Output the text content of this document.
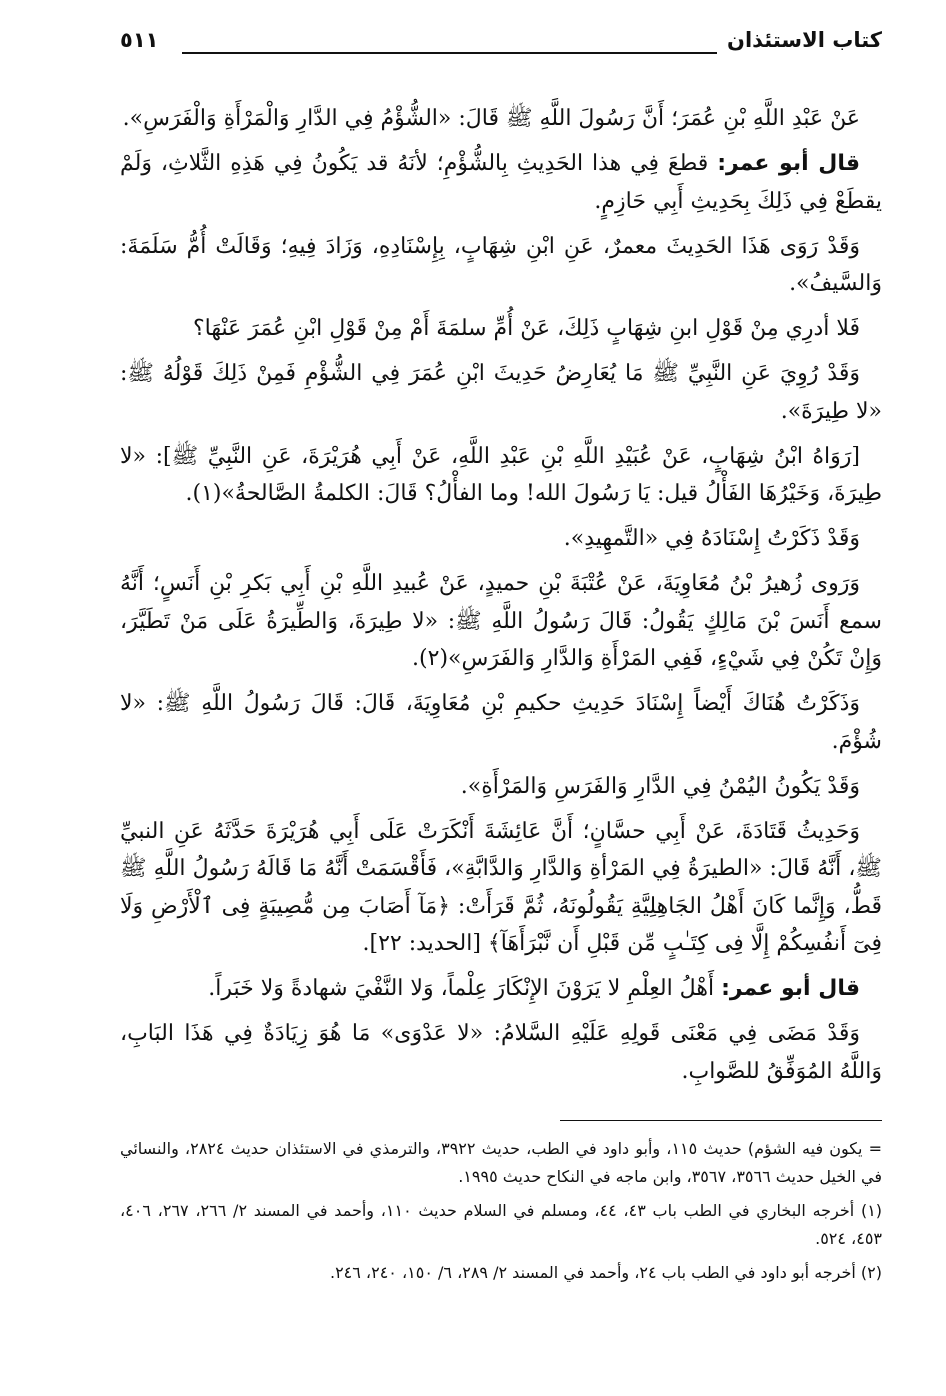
كتاب الاستئذان
٥١١

عَنْ عَبْدِ اللَّهِ بْنِ عُمَرَ؛ أَنَّ رَسُولَ اللَّهِ ﷺ قَالَ: «الشُّؤْمُ فِي الدَّارِ وَالْمَرْأَةِ وَالْفَرَسِ».

قال أبو عمر: قطعَ فِي هذا الحَدِيثِ بِالشُّؤْمِ؛ لأنَهُ قد يَكُونُ فِي هَذِهِ الثَّلاثِ، وَلَمْ يقطَعْ فِي ذَلِكَ بِحَدِيثِ أَبِي حَازِمٍ.

وَقَدْ رَوَى هَذَا الحَدِيثَ معمرٌ، عَنِ ابْنِ شِهَابٍ، بِإِسْنَادِهِ، وَزَادَ فِيهِ؛ وَقَالَتْ أُمُّ سَلَمَةَ: وَالسَّيفُ».

فَلا أدرِي مِنْ قَوْلِ ابنِ شِهَابٍ ذَلِكَ، عَنْ أُمِّ سلمَةَ أَمْ مِنْ قَوْلِ ابْنِ عُمَرَ عَنْهَا؟

وَقَدْ رُوِيَ عَنِ النَّبِيِّ ﷺ مَا يُعَارِضُ حَدِيثَ ابْنِ عُمَرَ فِي الشُّؤْمِ فَمِنْ ذَلِكَ قَوْلُهُ ﷺ: «لا طِيرَةَ».

[رَوَاهُ ابْنُ شِهَابٍ، عَنْ عُبَيْدِ اللَّهِ بْنِ عَبْدِ اللَّهِ، عَنْ أَبِي هُرَيْرَةَ، عَنِ النَّبِيِّ ﷺ]: «لا طِيرَةَ، وَخَيْرُهَا الفَأْلُ قيل: يَا رَسُولَ الله! وما الفأْلُ؟ قَالَ: الكلمةُ الصَّالحةُ»(١).

وَقَدْ ذَكَرْتُ إِسْنَادَهُ فِي «التَّمهِيدِ».

وَرَوى زُهيرُ بْنُ مُعَاوِيَةَ، عَنْ عُتْبَةَ بْنِ حميدٍ، عَنْ عُبيدِ اللَّهِ بْنِ أَبِي بَكرِ بْنِ أَنَسٍ؛ أَنَّهُ سمع أَنَسَ بْنَ مَالِكٍ يَقُولُ: قَالَ رَسُولُ اللَّهِ ﷺ: «لا طِيرَةَ، وَالطِّيرَةُ عَلَى مَنْ تَطَيَّرَ، وَإِنْ تَكُنْ فِي شَيْءٍ، فَفِي المَرْأَةِ وَالدَّارِ وَالفَرَسِ»(٢).

وَذَكَرْتُ هُنَاكَ أَيْضاً إِسْنَادَ حَدِيثِ حكيمِ بْنِ مُعَاوِيَةَ، قَالَ: قَالَ رَسُولُ اللَّهِ ﷺ: «لا شُؤْمَ.

وَقَدْ يَكُونُ اليُمْنُ فِي الدَّارِ وَالفَرَسِ وَالمَرْأَةِ».

وَحَدِيثُ قَتَادَةَ، عَنْ أَبِي حسَّانٍ؛ أَنَّ عَائِشَةَ أَنْكَرَتْ عَلَى أَبِي هُرَيْرَةَ حَدَّثَهُ عَنِ النبيِّ ﷺ، أَنَّهُ قَالَ: «الطيرَةُ فِي المَرْأةِ وَالدَّارِ وَالدَّابَّةِ»، فَأَقْسَمَتْ أَنَّهُ مَا قَالَهُ رَسُولُ اللَّهِ ﷺ قَطُّ، وَإِنَّما كَانَ أَهْلُ الجَاهِلِيَّةِ يَقُولُونَهُ، ثُمَّ قَرَأَتْ: ﴿مَآ أَصَابَ مِن مُّصِيبَةٍ فِى ٱلْأَرْضِ وَلَا فِىٓ أَنفُسِكُمْ إِلَّا فِى كِتَـٰبٍ مِّن قَبْلِ أَن نَّبْرَأَهَآ﴾ [الحديد: ٢٢].

قال أبو عمر: أَهْلُ العِلْمِ لا يَرَوْنَ الإِنْكَارَ عِلْماً، وَلا النَّفْيَ شهادةً وَلا خَبَراً.

وَقَدْ مَضَى فِي مَعْنَى قَولِهِ عَلَيْهِ السَّلامُ: «لا عَدْوَى» مَا هُوَ زِيَادَةٌ فِي هَذَا البَابِ، وَاللَّهُ المُوَفِّقُ للصَّوابِ.

= يكون فيه الشؤم) حديث ١١٥، وأبو داود في الطب، حديث ٣٩٢٢، والترمذي في الاستئذان حديث ٢٨٢٤، والنسائي في الخيل حديث ٣٥٦٦، ٣٥٦٧، وابن ماجه في النكاح حديث ١٩٩٥.

(١) أخرجه البخاري في الطب باب ٤٣، ٤٤، ومسلم في السلام حديث ١١٠، وأحمد في المسند ٢/ ٢٦٦، ٢٦٧، ٤٠٦، ٤٥٣، ٥٢٤.

(٢) أخرجه أبو داود في الطب باب ٢٤، وأحمد في المسند ٢/ ٢٨٩، ٦/ ١٥٠، ٢٤٠، ٢٤٦.
